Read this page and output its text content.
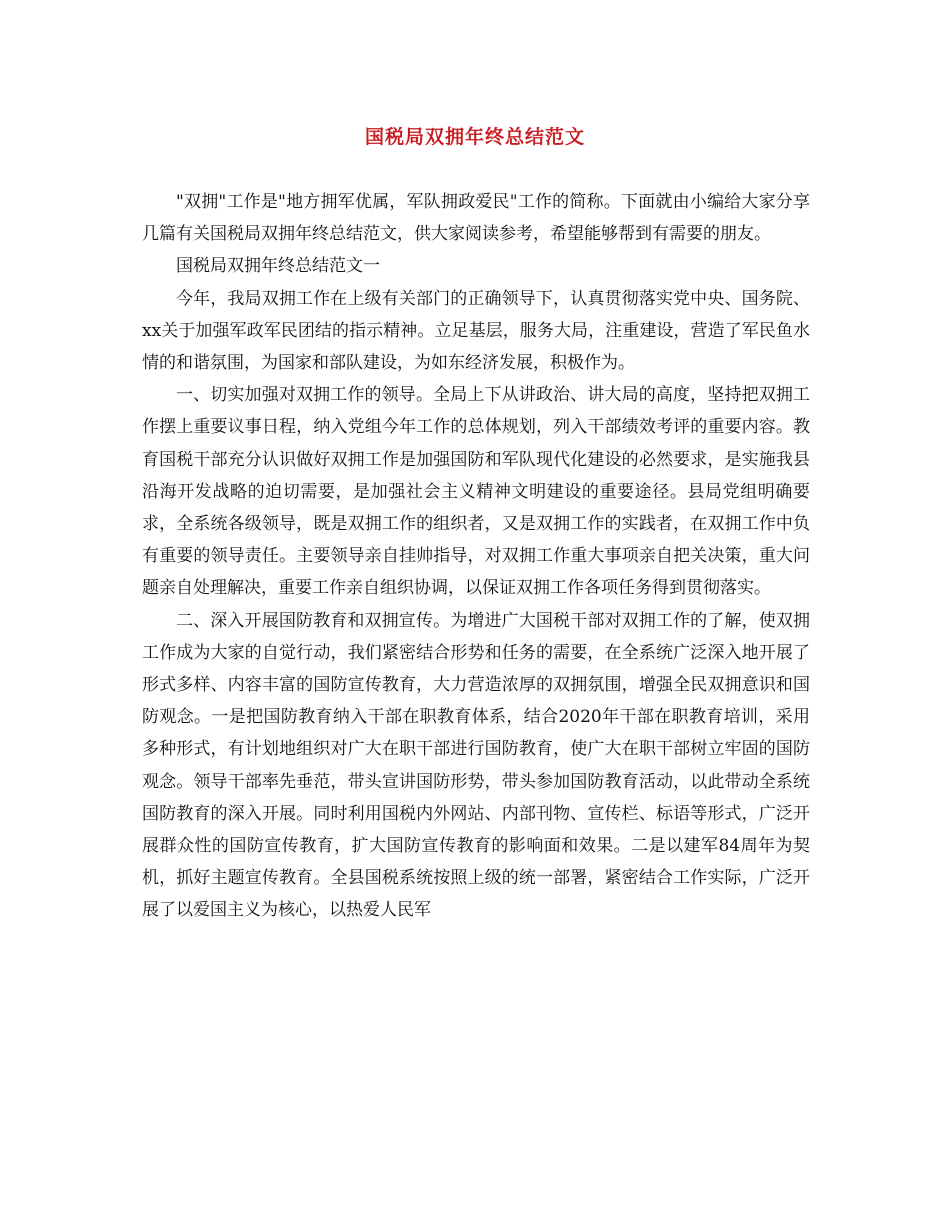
国税局双拥年终总结范文

"双拥"工作是"地方拥军优属，军队拥政爱民"工作的简称。下面就由小编给大家分享几篇有关国税局双拥年终总结范文，供大家阅读参考，希望能够帮到有需要的朋友。

国税局双拥年终总结范文一

今年，我局双拥工作在上级有关部门的正确领导下，认真贯彻落实党中央、国务院、xx关于加强军政军民团结的指示精神。立足基层，服务大局，注重建设，营造了军民鱼水情的和谐氛围，为国家和部队建设，为如东经济发展，积极作为。

一、切实加强对双拥工作的领导。全局上下从讲政治、讲大局的高度，坚持把双拥工作摆上重要议事日程，纳入党组今年工作的总体规划，列入干部绩效考评的重要内容。教育国税干部充分认识做好双拥工作是加强国防和军队现代化建设的必然要求，是实施我县沿海开发战略的迫切需要，是加强社会主义精神文明建设的重要途径。县局党组明确要求，全系统各级领导，既是双拥工作的组织者，又是双拥工作的实践者，在双拥工作中负有重要的领导责任。主要领导亲自挂帅指导，对双拥工作重大事项亲自把关决策，重大问题亲自处理解决，重要工作亲自组织协调，以保证双拥工作各项任务得到贯彻落实。

二、深入开展国防教育和双拥宣传。为增进广大国税干部对双拥工作的了解，使双拥工作成为大家的自觉行动，我们紧密结合形势和任务的需要，在全系统广泛深入地开展了形式多样、内容丰富的国防宣传教育，大力营造浓厚的双拥氛围，增强全民双拥意识和国防观念。一是把国防教育纳入干部在职教育体系，结合2020年干部在职教育培训，采用多种形式，有计划地组织对广大在职干部进行国防教育，使广大在职干部树立牢固的国防观念。领导干部率先垂范，带头宣讲国防形势，带头参加国防教育活动，以此带动全系统国防教育的深入开展。同时利用国税内外网站、内部刊物、宣传栏、标语等形式，广泛开展群众性的国防宣传教育，扩大国防宣传教育的影响面和效果。二是以建军84周年为契机，抓好主题宣传教育。全县国税系统按照上级的统一部署，紧密结合工作实际，广泛开展了以爱国主义为核心，以热爱人民军
